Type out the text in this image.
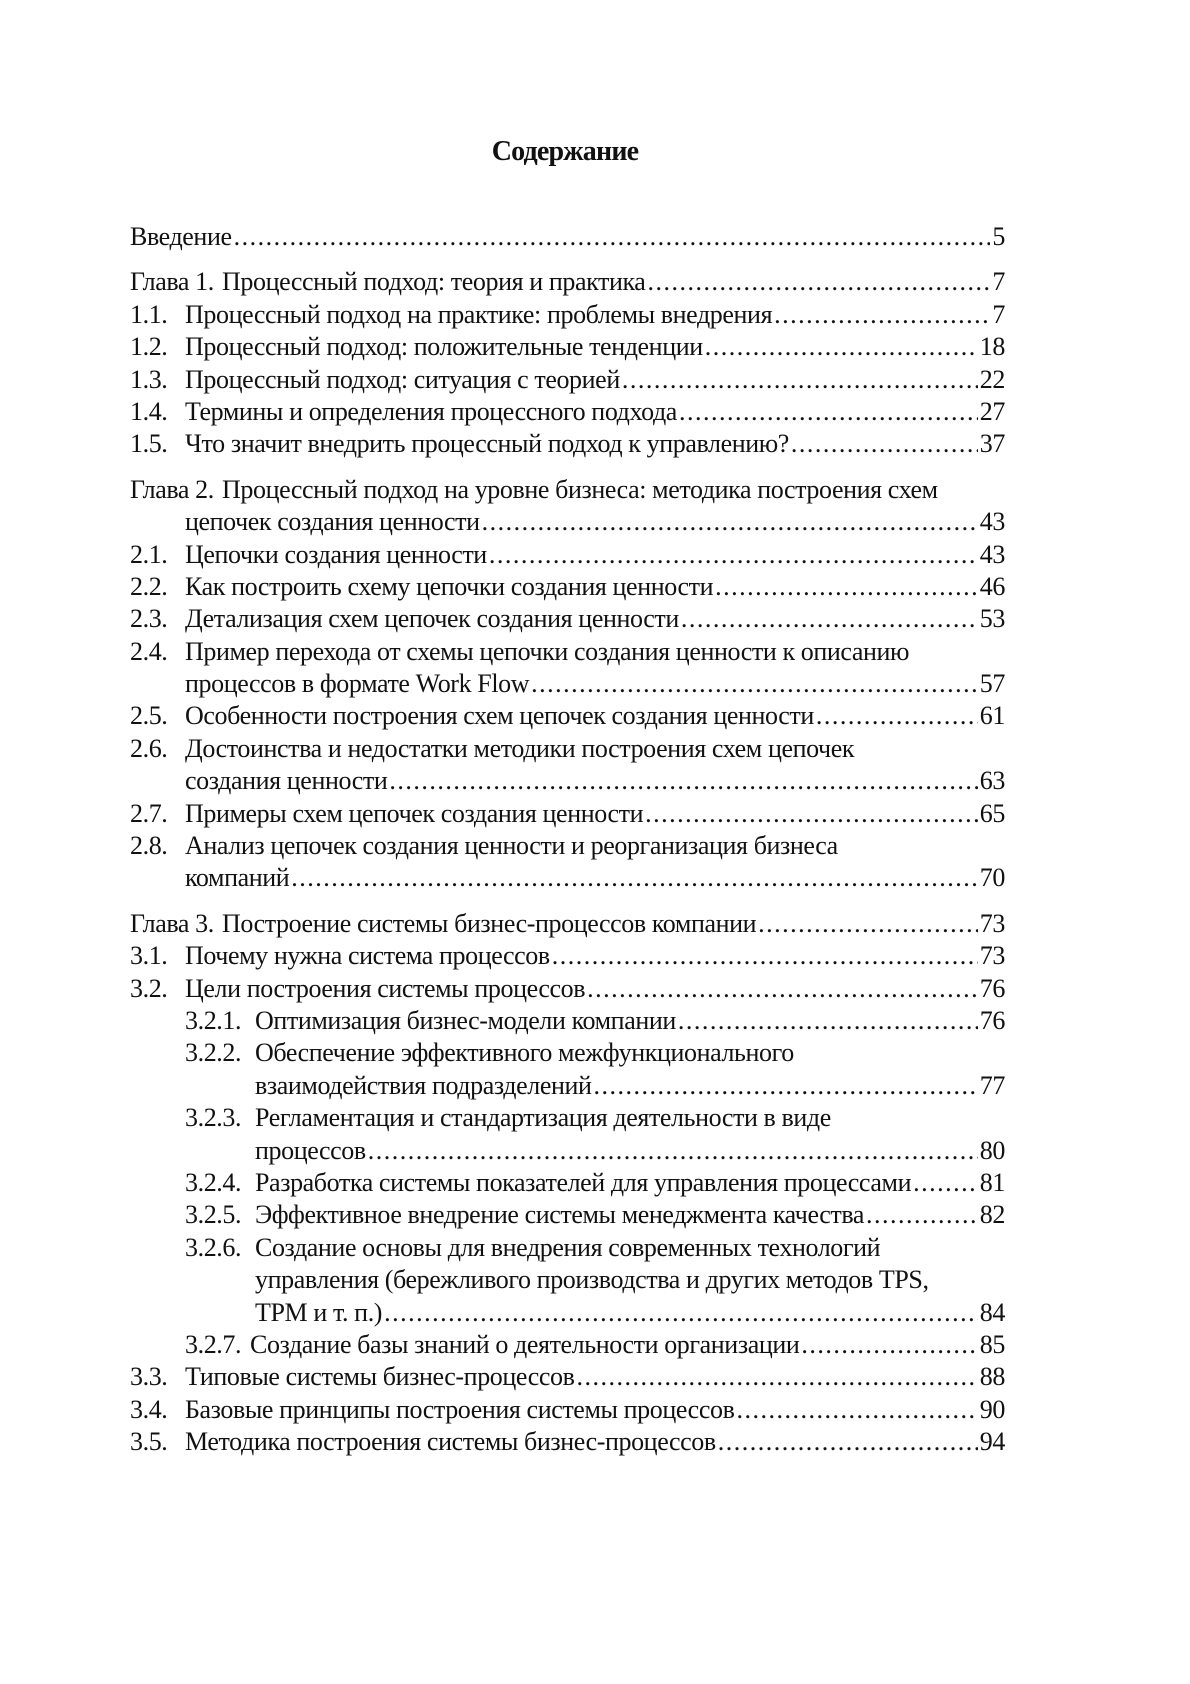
Содержание
Введение .....	5
Глава 1. Процессный подход: теория и практика .....	7
1.1. Процессный подход на практике: проблемы внедрения .....	7
1.2. Процессный подход: положительные тенденции .....	18
1.3. Процессный подход: ситуация с теорией .....	22
1.4. Термины и определения процессного подхода .....	27
1.5. Что значит внедрить процессный подход к управлению? .....	37
Глава 2. Процессный подход на уровне бизнеса: методика построения схем
цепочек создания ценности .....	43
2.1. Цепочки создания ценности .....	43
2.2. Как построить схему цепочки создания ценности .....	46
2.3. Детализация схем цепочек создания ценности .....	53
2.4. Пример перехода от схемы цепочки создания ценности к описанию
процессов в формате Work Flow .....	57
2.5. Особенности построения схем цепочек создания ценности .....	61
2.6. Достоинства и недостатки методики построения схем цепочек
создания ценности .....	63
2.7. Примеры схем цепочек создания ценности .....	65
2.8. Анализ цепочек создания ценности и реорганизация бизнеса
компаний .....	70
Глава 3. Построение системы бизнес-процессов компании .....	73
3.1. Почему нужна система процессов .....	73
3.2. Цели построения системы процессов .....	76
3.2.1. Оптимизация бизнес-модели компании .....	76
3.2.2. Обеспечение эффективного межфункционального
взаимодействия подразделений .....	77
3.2.3. Регламентация и стандартизация деятельности в виде
процессов .....	80
3.2.4. Разработка системы показателей для управления процессами .....	81
3.2.5. Эффективное внедрение системы менеджмента качества .....	82
3.2.6. Создание основы для внедрения современных технологий
управления (бережливого производства и других методов TPS,
TPM и т. п.) .....	84
3.2.7. Создание базы знаний о деятельности организации .....	85
3.3. Типовые системы бизнес-процессов .....	88
3.4. Базовые принципы построения системы процессов .....	90
3.5. Методика построения системы бизнес-процессов .....	94
